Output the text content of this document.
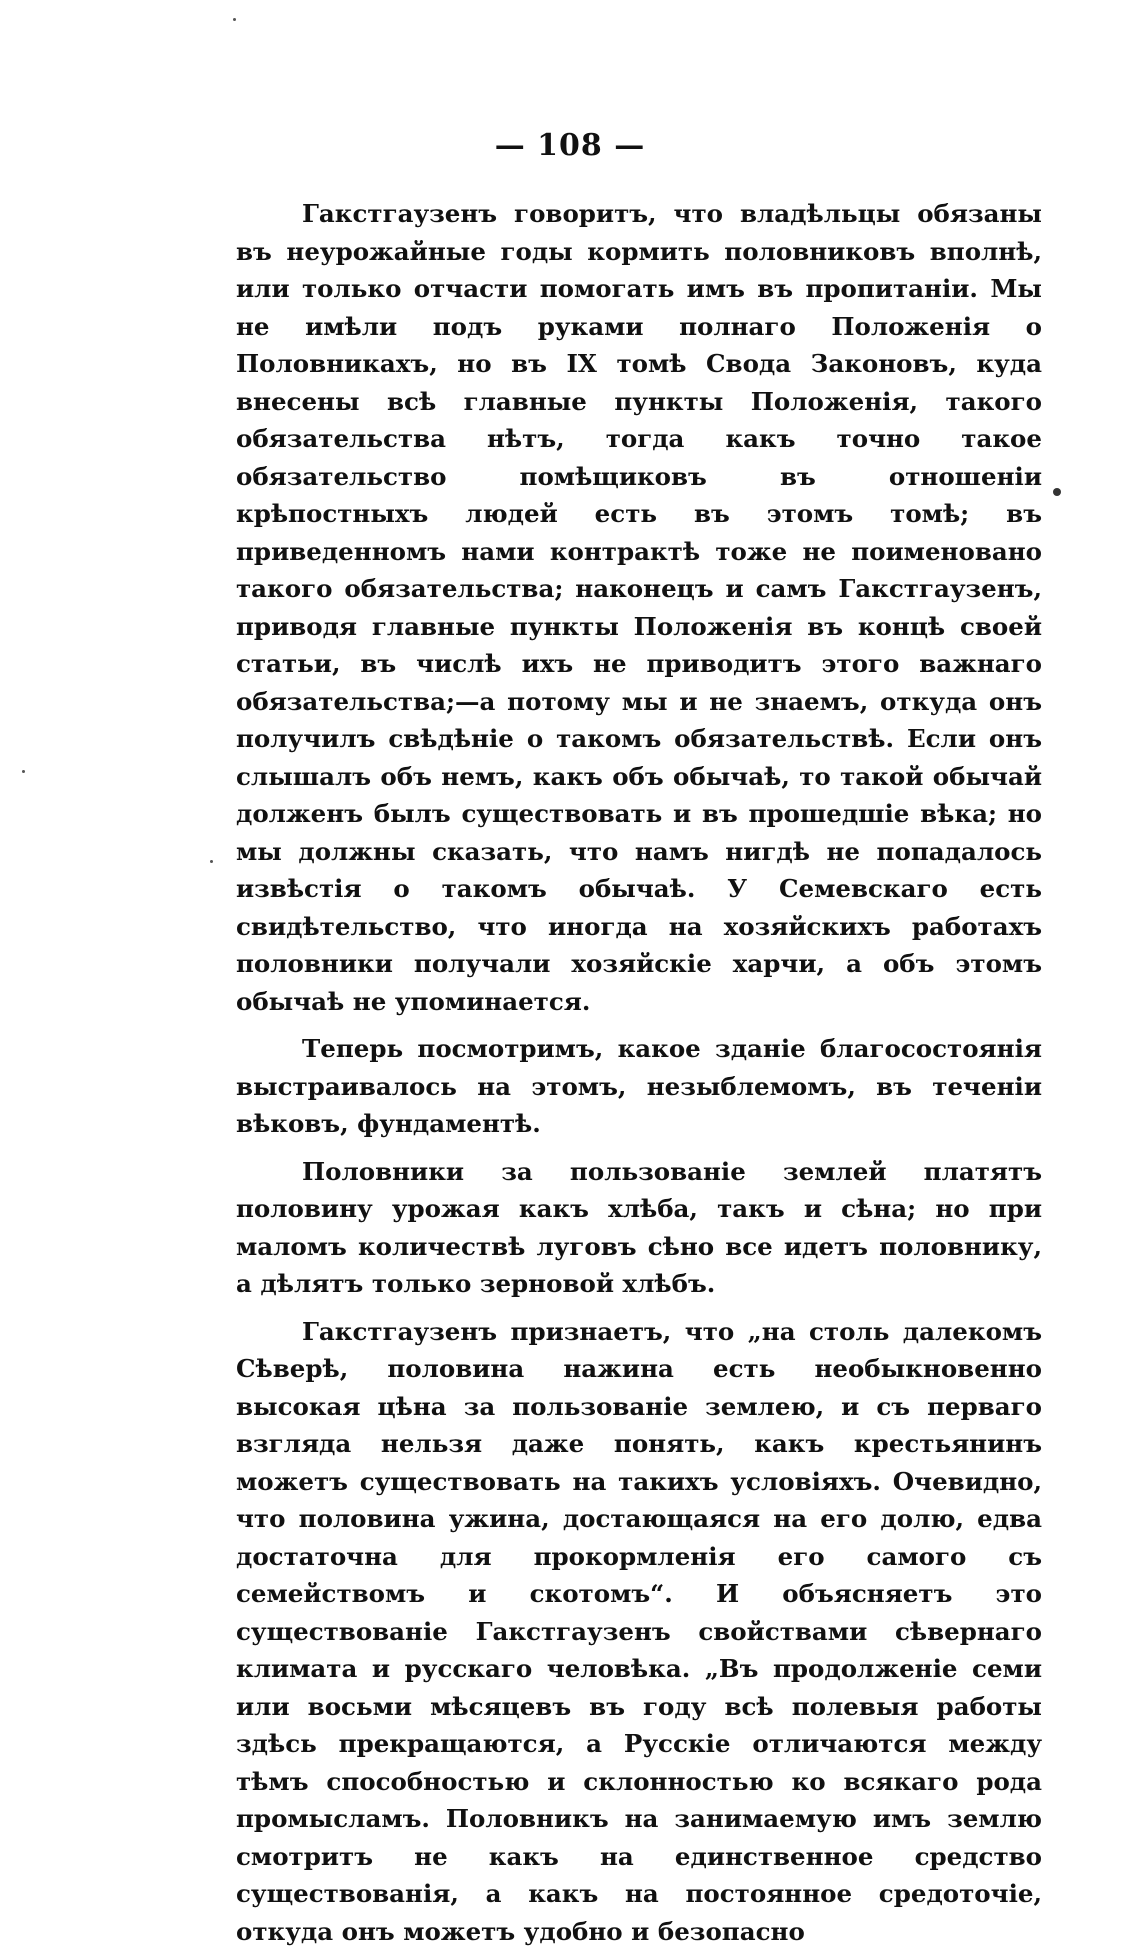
— 108 —

Гакстгаузенъ говоритъ, что владѣльцы обязаны въ неурожайные годы кормить половниковъ вполнѣ, или только отчасти помогать имъ въ пропитаніи. Мы не имѣли подъ руками полнаго Положенія о Половникахъ, но въ IX томѣ Свода Законовъ, куда внесены всѣ главные пункты Положенія, такого обязательства нѣтъ, тогда какъ точно такое обязательство помѣщиковъ въ отношеніи крѣпостныхъ людей есть въ этомъ томѣ; въ приведенномъ нами контрактѣ тоже не поименовано такого обязательства; наконецъ и самъ Гакстгаузенъ, приводя главные пункты Положенія въ концѣ своей статьи, въ числѣ ихъ не приводитъ этого важнаго обязательства;—а потому мы и не знаемъ, откуда онъ получилъ свѣдѣніе о такомъ обязательствѣ. Если онъ слышалъ объ немъ, какъ объ обычаѣ, то такой обычай долженъ былъ существовать и въ прошедшіе вѣка; но мы должны сказать, что намъ нигдѣ не попадалось извѣстія о такомъ обычаѣ. У Семевскаго есть свидѣтельство, что иногда на хозяйскихъ работахъ половники получали хозяйскіе харчи, а объ этомъ обычаѣ не упоминается.

Теперь посмотримъ, какое зданіе благосостоянія выстраивалось на этомъ, незыблемомъ, въ теченіи вѣковъ, фундаментѣ.

Половники за пользованіе землей платятъ половину урожая какъ хлѣба, такъ и сѣна; но при маломъ количествѣ луговъ сѣно все идетъ половнику, а дѣлятъ только зерновой хлѣбъ.

Гакстгаузенъ признаетъ, что „на столь далекомъ Сѣверѣ, половина нажина есть необыкновенно высокая цѣна за пользованіе землею, и съ перваго взгляда нельзя даже понять, какъ крестьянинъ можетъ существовать на такихъ условіяхъ. Очевидно, что половина ужина, достающаяся на его долю, едва достаточна для прокормленія его самого съ семействомъ и скотомъ“. И объясняетъ это существованіе Гакстгаузенъ свойствами сѣвернаго климата и русскаго человѣка. „Въ продолженіе семи или восьми мѣсяцевъ въ году всѣ полевыя работы здѣсь прекращаются, а Русскіе отличаются между тѣмъ способностью и склонностью ко всякаго рода промысламъ. Половникъ на занимаемую имъ землю смотритъ не какъ на единственное средство существованія, а какъ на постоянное средоточіе, откуда онъ можетъ удобно и безопасно
